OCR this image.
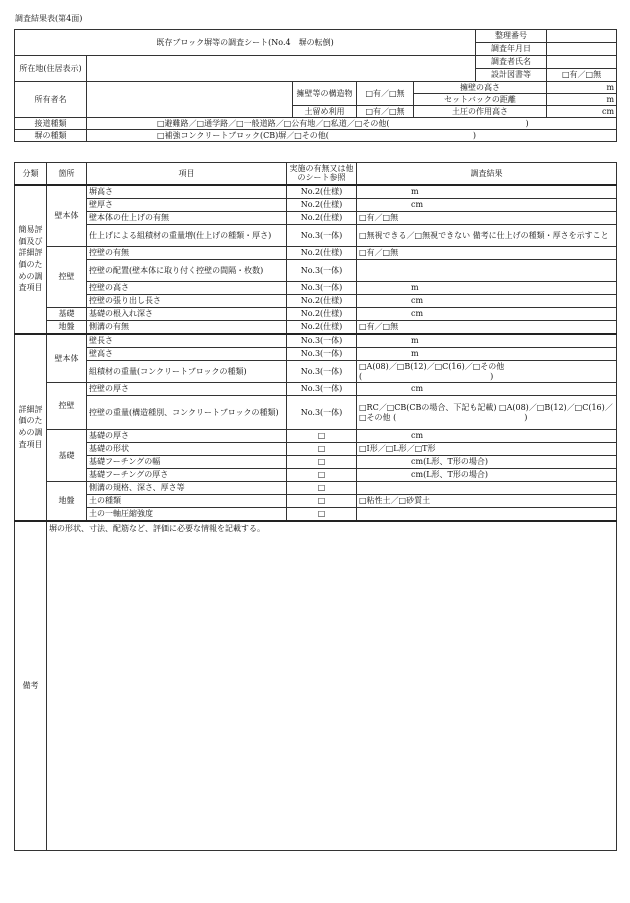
調査結果表(第4面)
既存ブロック塀等の調査シート(No.4　塀の転倒)					整理番号	
					調査年月日	
所在地(住居表示)					調査者氏名	
					設計図書等	□有／□無
所有者名		擁壁等の構造物	□有／□無	擁壁の高さ		m
				セットバックの距離		m
		土留め利用	□有／□無	土圧の作用高さ		cm
接道種類	□避難路／□通学路／□一般道路／□公有地／□私道／□その他(　　　　　　　　　　　　　　　　　)					
塀の種類	□補強コンクリートブロック(CB)塀／□その他(　　　　　　　　　　　　　　　　　　)					
分類	箇所	項目	実施の有無又は他のシート参照	調査結果
簡易評価及び詳細評価のための調査項目	壁本体	塀高さ	No.2(仕様)	m
		壁厚さ	No.2(仕様)	cm
		壁本体の仕上げの有無	No.2(仕様)	□有／□無
		仕上げによる組積材の重量増(仕上げの種類・厚さ)	No.3(一体)	□無視できる／□無視できない 備考に仕上げの種類・厚さを示すこと
	控壁	控壁の有無	No.2(仕様)	□有／□無
		控壁の配置(壁本体に取り付く控壁の間隔・枚数)	No.3(一体)	
		控壁の高さ	No.3(一体)	m
		控壁の張り出し長さ	No.2(仕様)	cm
	基礎	基礎の根入れ深さ	No.2(仕様)	cm
	地盤	側溝の有無	No.2(仕様)	□有／□無
詳細評価のための調査項目	壁本体	壁長さ	No.3(一体)	m
		壁高さ	No.3(一体)	m
		組積材の重量(コンクリートブロックの種類)	No.3(一体)	□A(08)／□B(12)／□C(16)／□その他 (　　　　　　　　　　　　　　　　)
	控壁	控壁の厚さ	No.3(一体)	cm
		控壁の重量(構造種別、コンクリートブロックの種類)	No.3(一体)	□RC／□CB(CBの場合、下記も記載) □A(08)／□B(12)／□C(16)／□その他 (　　　　　　　　　　　　　　　　)
	基礎	基礎の厚さ	□	cm
		基礎の形状	□	□I形／□L形／□T形
		基礎フーチングの幅	□	cm(L形、T形の場合)
		基礎フーチングの厚さ	□	cm(L形、T形の場合)
	地盤	側溝の規格、深さ、厚さ等	□	
		土の種類	□	□粘性土／□砂質土
		土の一軸圧縮強度	□	
備考	塀の形状、寸法、配筋など、評価に必要な情報を記載する。			
